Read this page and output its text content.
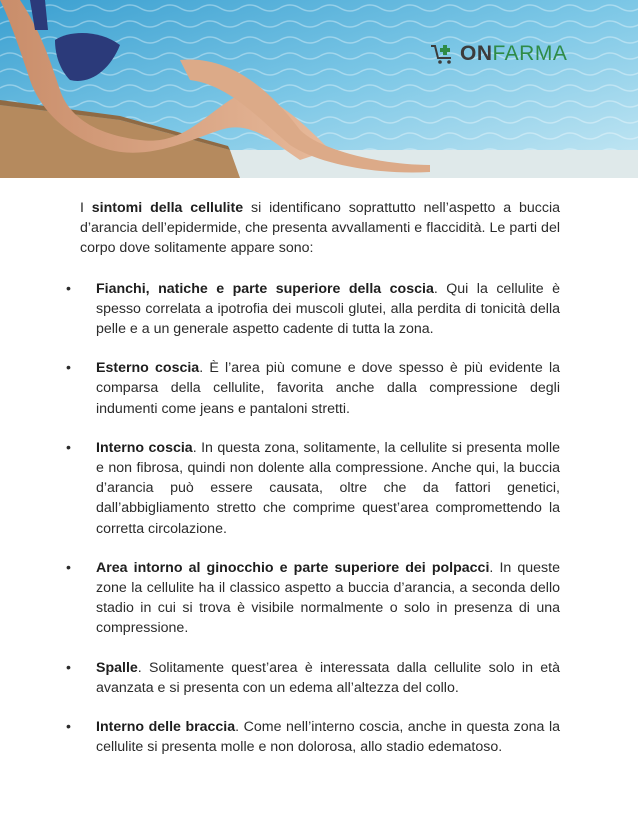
ONFARMA

I sintomi della cellulite si identificano soprattutto nell’aspetto a buccia d’arancia dell’epidermide, che presenta avvallamenti e flaccidità. Le parti del corpo dove solitamente appare sono:

• Fianchi, natiche e parte superiore della coscia. Qui la cellulite è spesso correlata a ipotrofia dei muscoli glutei, alla perdita di tonicità della pelle e a un generale aspetto cadente di tutta la zona.
• Esterno coscia. È l’area più comune e dove spesso è più evidente la comparsa della cellulite, favorita anche dalla compressione degli indumenti come jeans e pantaloni stretti.
• Interno coscia. In questa zona, solitamente, la cellulite si presenta molle e non fibrosa, quindi non dolente alla compressione. Anche qui, la buccia d’arancia può essere causata, oltre che da fattori genetici, dall’abbigliamento stretto che comprime quest’area compromettendo la corretta circolazione.
• Area intorno al ginocchio e parte superiore dei polpacci. In queste zone la cellulite ha il classico aspetto a buccia d’arancia, a seconda dello stadio in cui si trova è visibile normalmente o solo in presenza di una compressione.
• Spalle. Solitamente quest’area è interessata dalla cellulite solo in età avanzata e si presenta con un edema all’altezza del collo.
• Interno delle braccia. Come nell’interno coscia, anche in questa zona la cellulite si presenta molle e non dolorosa, allo stadio edematoso.
